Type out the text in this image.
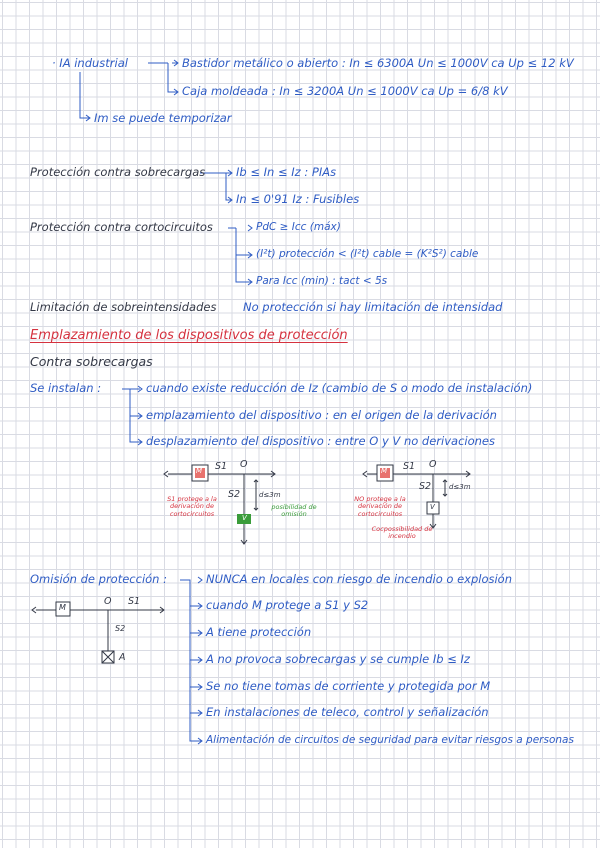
· IA industrial	Bastidor metálico o abierto : In ≤ 6300A Un ≤ 1000V ca Up ≤ 12 kV
Caja moldeada : In ≤ 3200A Un ≤ 1000V ca Up = 6/8 kV
Im se puede temporizar
Protección contra sobrecargas	Ib ≤ In ≤ Iz : PIAs
In ≤ 0'91 Iz : Fusibles
Protección contra cortocircuitos	PdC ≥ Icc (máx)
(I²t) protección < (I²t) cable = (K²S²) cable
Para Icc (min) : tact < 5s
Limitación de sobreintensidades No protección si hay limitación de intensidad
Emplazamiento de los dispositivos de protección
Contra sobrecargas
Se instalan :	cuando existe reducción de Iz (cambio de S o modo de instalación)
emplazamiento del dispositivo : en el origen de la derivación
desplazamiento del dispositivo : entre O y V no derivaciones
M S1 O
S2	d≤3m
V
S1 protege a la derivación de cortocircuitos
posibilidad de omisión
M S1 O
S2	d≤3m
V
NO protege a la derivación de cortocircuitos
Cocpossibilidad de incendio
Omisión de protección :	NUNCA en locales con riesgo de incendio o explosión
cuando M protege a S1 y S2
A tiene protección
A no provoca sobrecargas y se cumple Ib ≤ Iz
Se no tiene tomas de corriente y protegida por M
En instalaciones de teleco, control y señalización
Alimentación de circuitos de seguridad para evitar riesgos a personas
M
O S1
S2
A
